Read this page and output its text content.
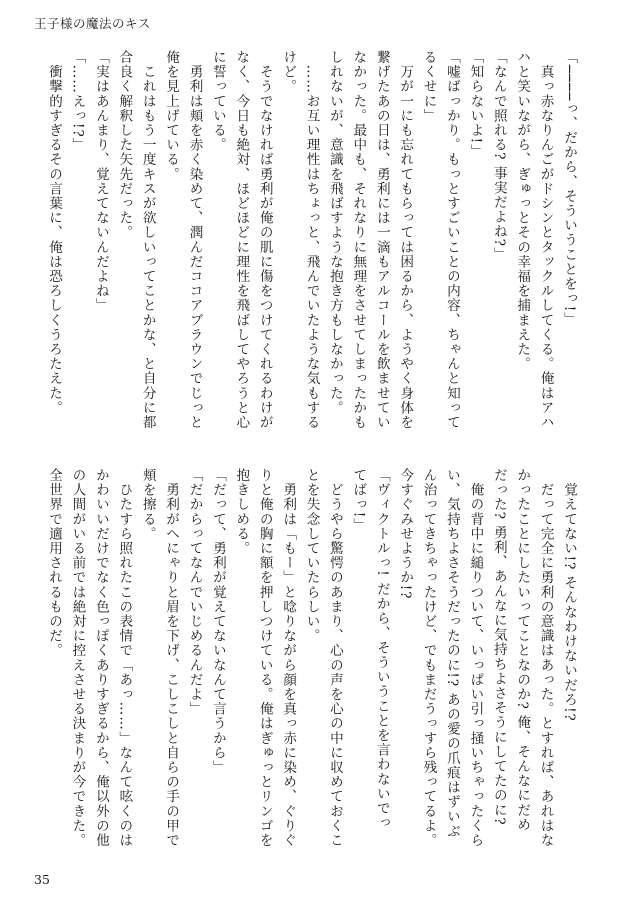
王子様の魔法のキス
「────っ、だから、そういうことをっ!」
　真っ赤なりんごがドシンとタックルしてくる。俺はアハ
ハと笑いながら、ぎゅっとその幸福を捕まえた。
「なんで照れる? 事実だよね?」
「知らないよ!」
「嘘ばっかり。もっとすごいことの内容、ちゃんと知って
るくせに」
　万が一にも忘れてもらっては困るから、ようやく身体を
繋げたあの日は、勇利には一滴もアルコールを飲ませてい
なかった。最中も、それなりに無理をさせてしまったかも
しれないが、意識を飛ばすような抱き方もしなかった。
　……お互い理性はちょっと、飛んでいたような気もする
けど。
　そうでなければ勇利が俺の肌に傷をつけてくれるわけが
なく、今日も絶対、ほどほどに理性を飛ばしてやろうと心
に誓っている。
　勇利は頬を赤く染めて、潤んだココアブラウンでじっと
俺を見上げている。
　これはもう一度キスが欲しいってことかな、と自分に都
合良く解釈した矢先だった。
「実はあんまり、覚えてないんだよね」
「……えっ!?」
　衝撃的すぎるその言葉に、俺は恐ろしくうろたえた。
　覚えてない!? そんなわけないだろ!?
　だって完全に勇利の意識はあった。とすれば、あれはな
かったことにしたいってことなのか? 俺、そんなにだめ
だった? 勇利、あんなに気持ちよさそうにしてたのに?
　俺の背中に縋りついて、いっぱい引っ掻いちゃったくら
い、気持ちよさそうだったのに!? あの愛の爪痕はずいぶ
ん治ってきちゃったけど、でもまだうっすら残ってるよ。
今すぐみせようか!?
「ヴィクトルっ! だから、そういうことを言わないでっ
てばっ!」
　どうやら驚愕のあまり、心の声を心の中に収めておくこ
とを失念していたらしい。
　勇利は「もー」と唸りながら顔を真っ赤に染め、ぐりぐ
りと俺の胸に額を押しつけている。俺はぎゅっとリンゴを
抱きしめる。
「だって、勇利が覚えてないなんて言うから」
「だからってなんでいじめるんだよ」
　勇利がへにゃりと眉を下げ、こしこしと自らの手の甲で
頬を擦る。
　ひたすら照れたこの表情で「あっ……」なんて呟くのは
かわいいだけでなく色っぽくありすぎるから、俺以外の他
の人間がいる前では絶対に控えさせる決まりが今できた。
全世界で適用されるものだ。
35
